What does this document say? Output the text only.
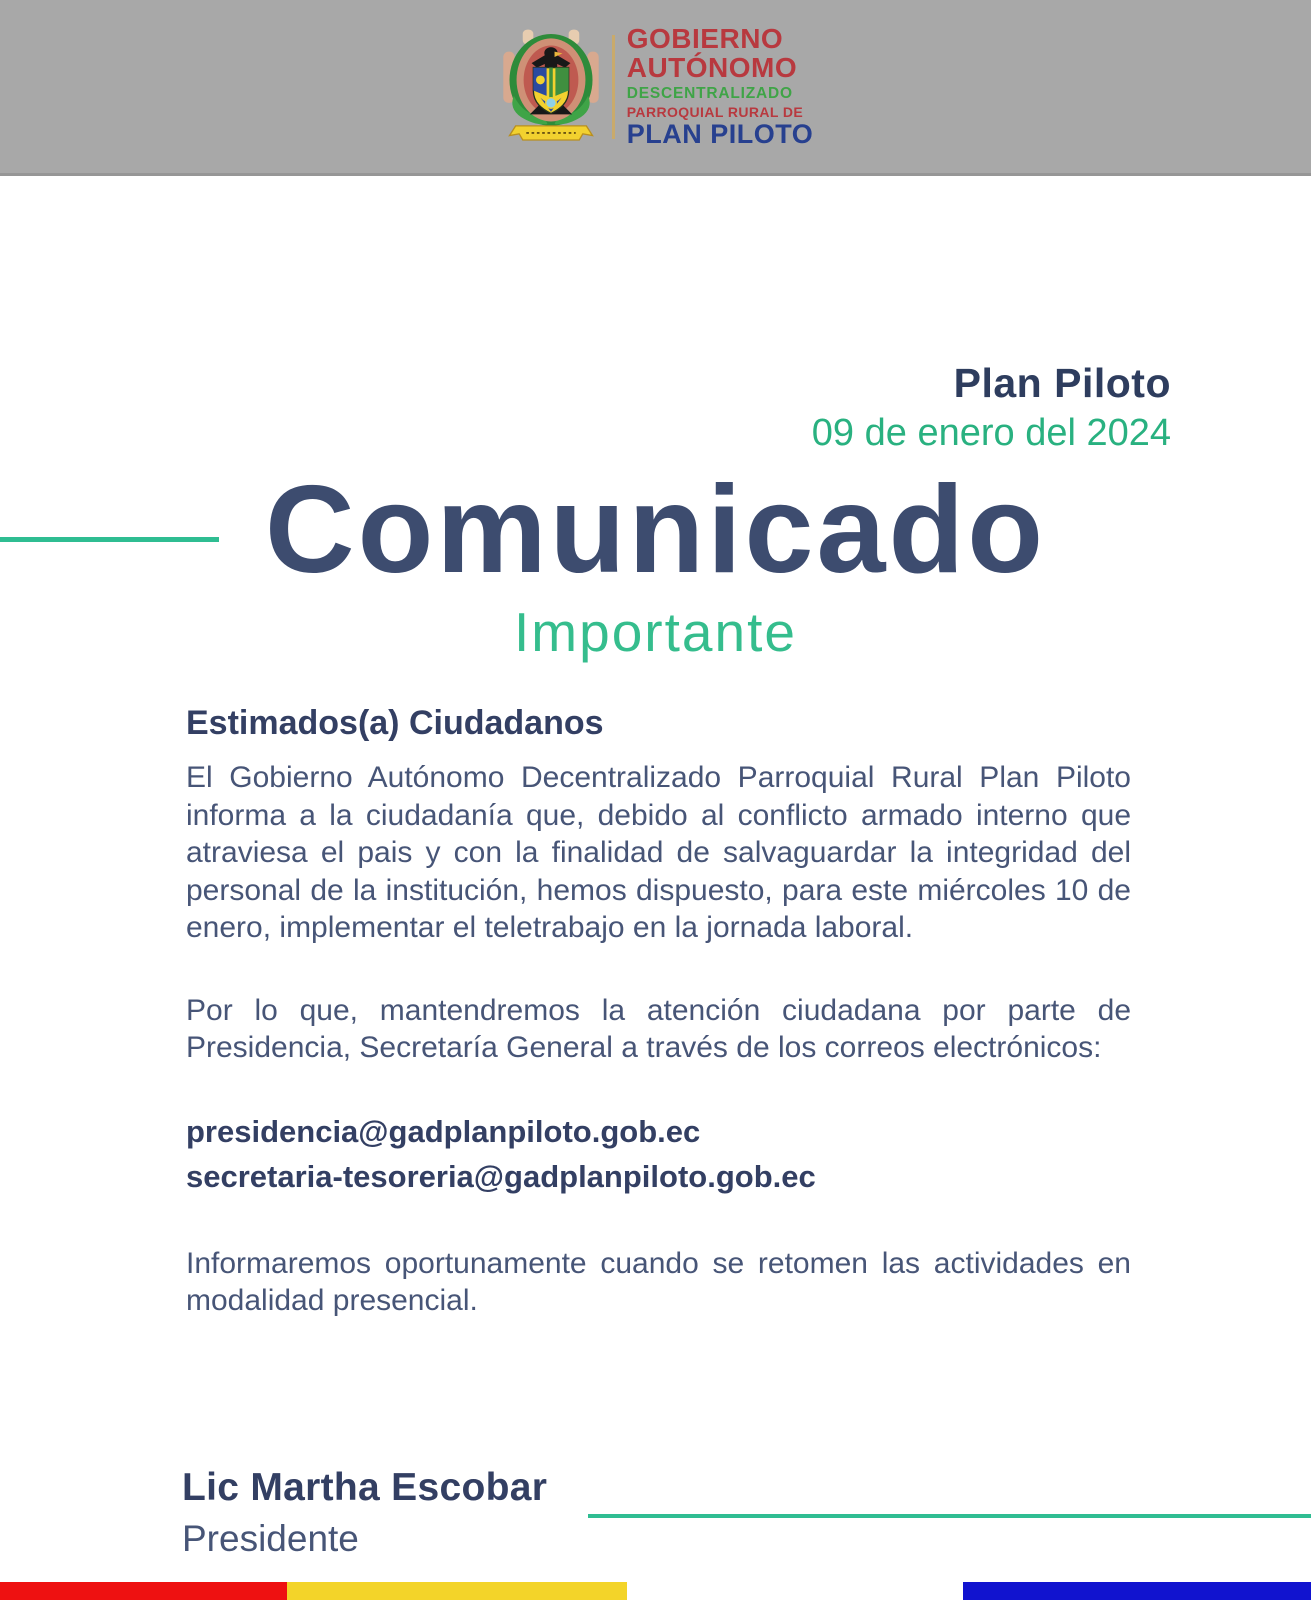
GOBIERNO
AUTÓNOMO
DESCENTRALIZADO
PARROQUIAL RURAL DE
PLAN PILOTO
Plan Piloto
09 de enero del 2024
Comunicado
Importante
Estimados(a) Ciudadanos

El Gobierno Autónomo Decentralizado Parroquial Rural Plan Piloto informa a la ciudadanía que, debido al conflicto armado interno que atraviesa el pais y con la finalidad de salvaguardar la integridad del personal de la institución, hemos dispuesto, para este miércoles 10 de enero, implementar el teletrabajo en la jornada laboral.

Por lo que, mantendremos la atención ciudadana por parte de Presidencia, Secretaría General a través de los correos electrónicos:

presidencia@gadplanpiloto.gob.ec
secretaria-tesoreria@gadplanpiloto.gob.ec

Informaremos oportunamente cuando se retomen las actividades en modalidad presencial.

Lic Martha Escobar
Presidente
